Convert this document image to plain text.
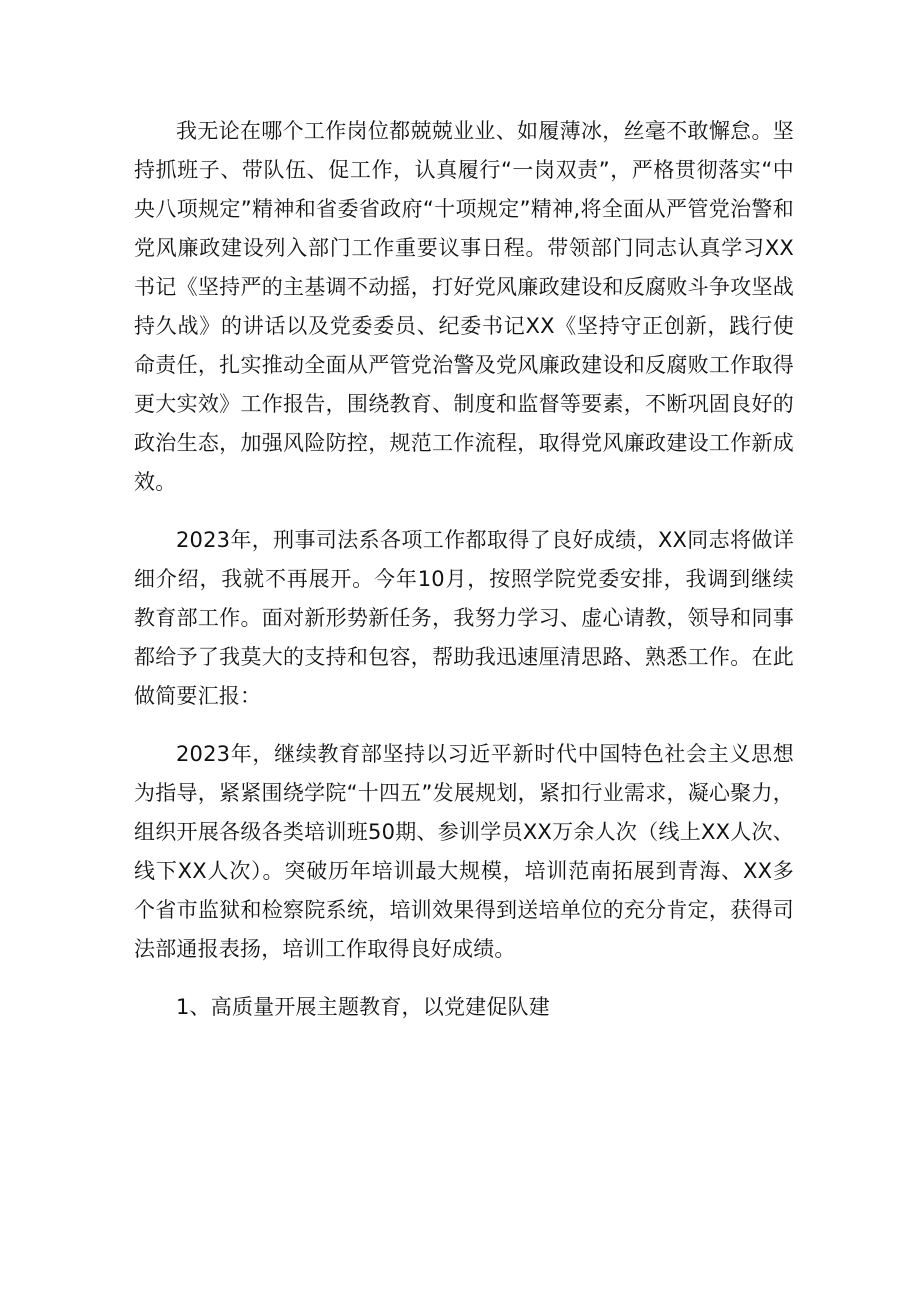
我无论在哪个工作岗位都兢兢业业、如履薄冰，丝毫不敢懈怠。坚持抓班子、带队伍、促工作，认真履行“一岗双责”，严格贯彻落实“中央八项规定”精神和省委省政府“十项规定”精神,将全面从严管党治警和党风廉政建设列入部门工作重要议事日程。带领部门同志认真学习XX书记《坚持严的主基调不动摇，打好党风廉政建设和反腐败斗争攻坚战持久战》的讲话以及党委委员、纪委书记XX《坚持守正创新，践行使命责任，扎实推动全面从严管党治警及党风廉政建设和反腐败工作取得更大实效》工作报告，围绕教育、制度和监督等要素，不断巩固良好的政治生态，加强风险防控，规范工作流程，取得党风廉政建设工作新成效。

2023年，刑事司法系各项工作都取得了良好成绩，XX同志将做详细介绍，我就不再展开。今年10月，按照学院党委安排，我调到继续教育部工作。面对新形势新任务，我努力学习、虚心请教，领导和同事都给予了我莫大的支持和包容，帮助我迅速厘清思路、熟悉工作。在此做简要汇报：

2023年，继续教育部坚持以习近平新时代中国特色社会主义思想为指导，紧紧围绕学院“十四五”发展规划，紧扣行业需求，凝心聚力，组织开展各级各类培训班50期、参训学员XX万余人次（线上XX人次、线下XX人次）。突破历年培训最大规模，培训范南拓展到青海、XX多个省市监狱和检察院系统，培训效果得到送培单位的充分肯定，获得司法部通报表扬，培训工作取得良好成绩。

1、高质量开展主题教育，以党建促队建
